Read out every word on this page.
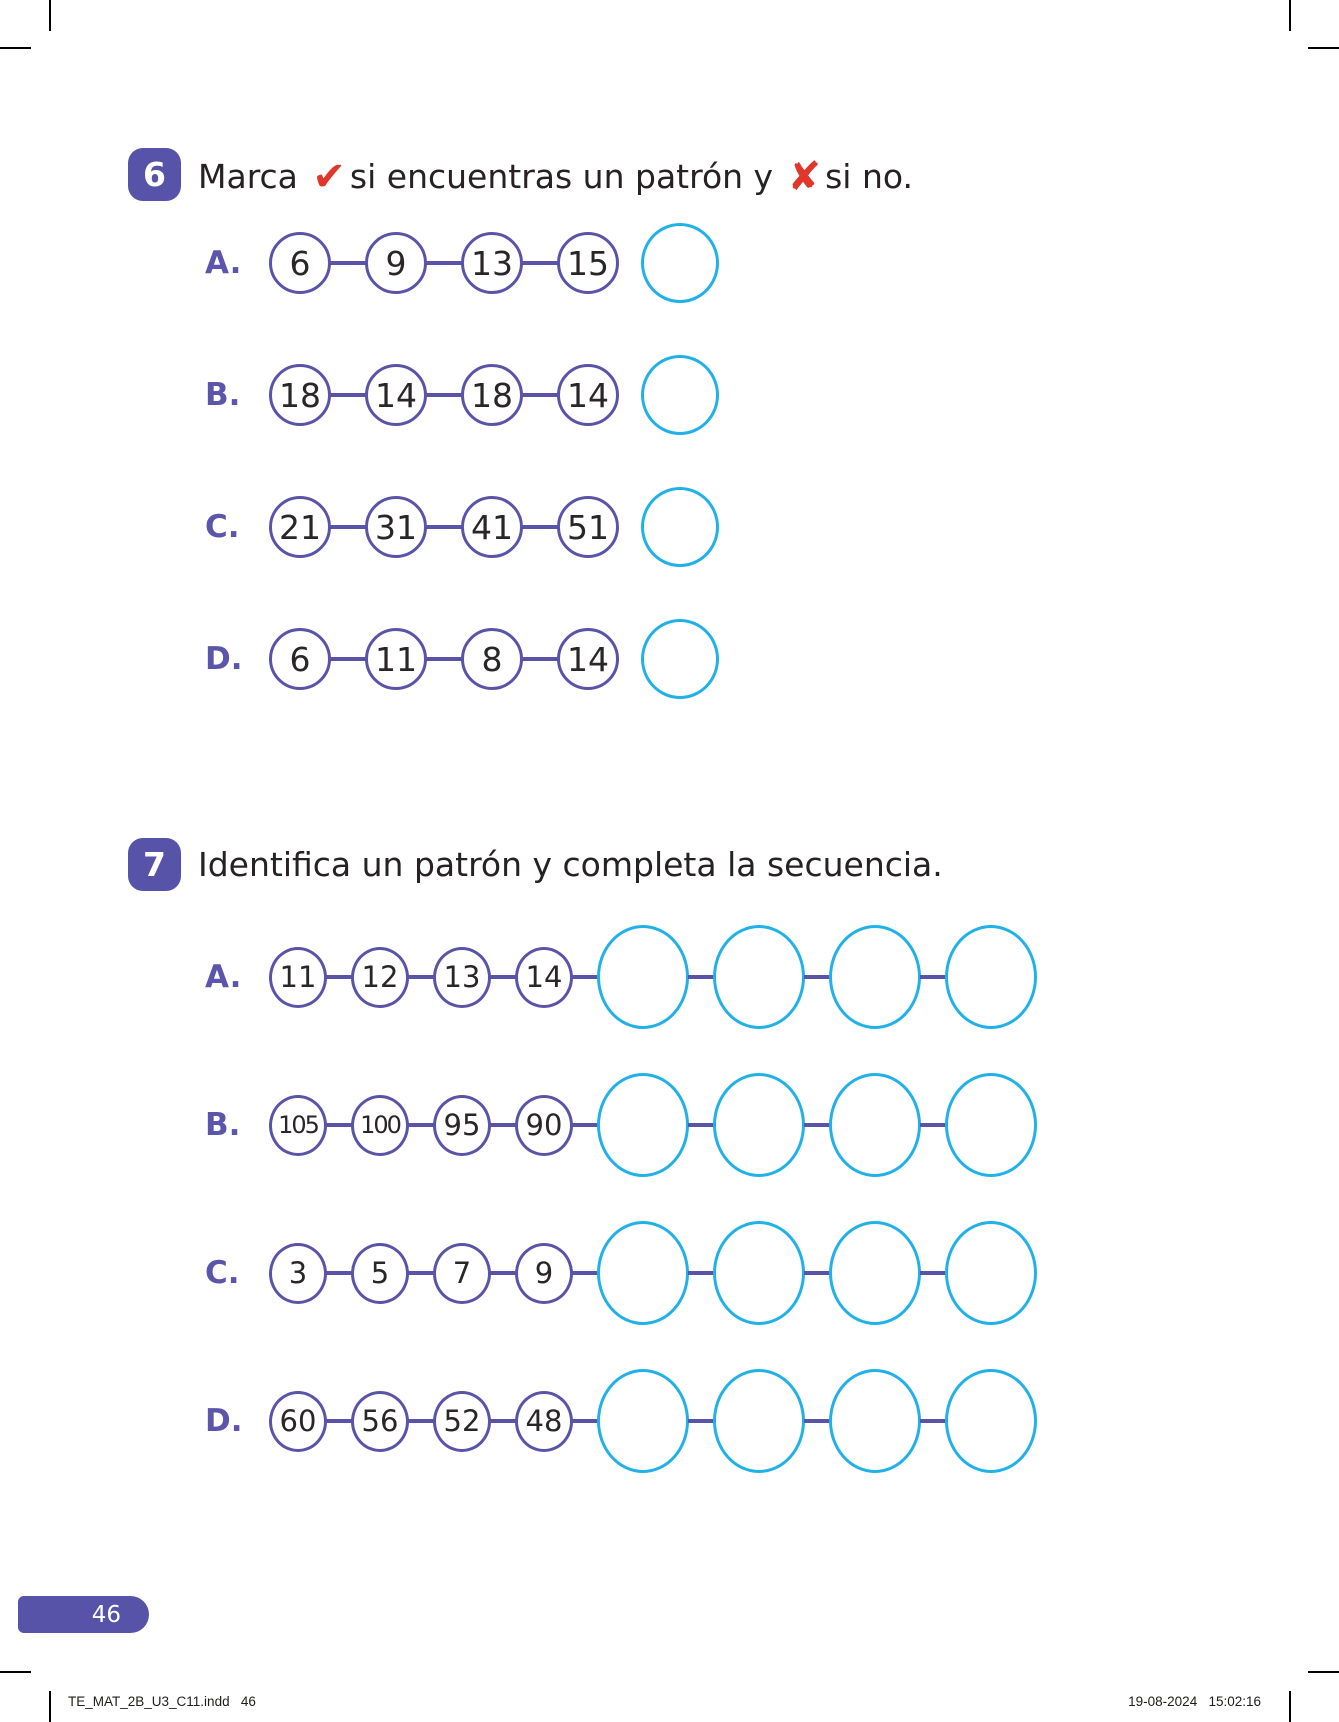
6 Marca ✔ si encuentras un patrón y ✘ si no.
A.	6	9	13	15
B.	18	14	18	14
C.	21	31	41	51
D.	6	11	8	14
7 Identifica un patrón y completa la secuencia.
A.	11	12	13	14
B.	105	100	95	90
C.	3	5	7	9
D.	60	56	52	48
46
TE_MAT_2B_U3_C11.indd   46	19-08-2024   15:02:16
